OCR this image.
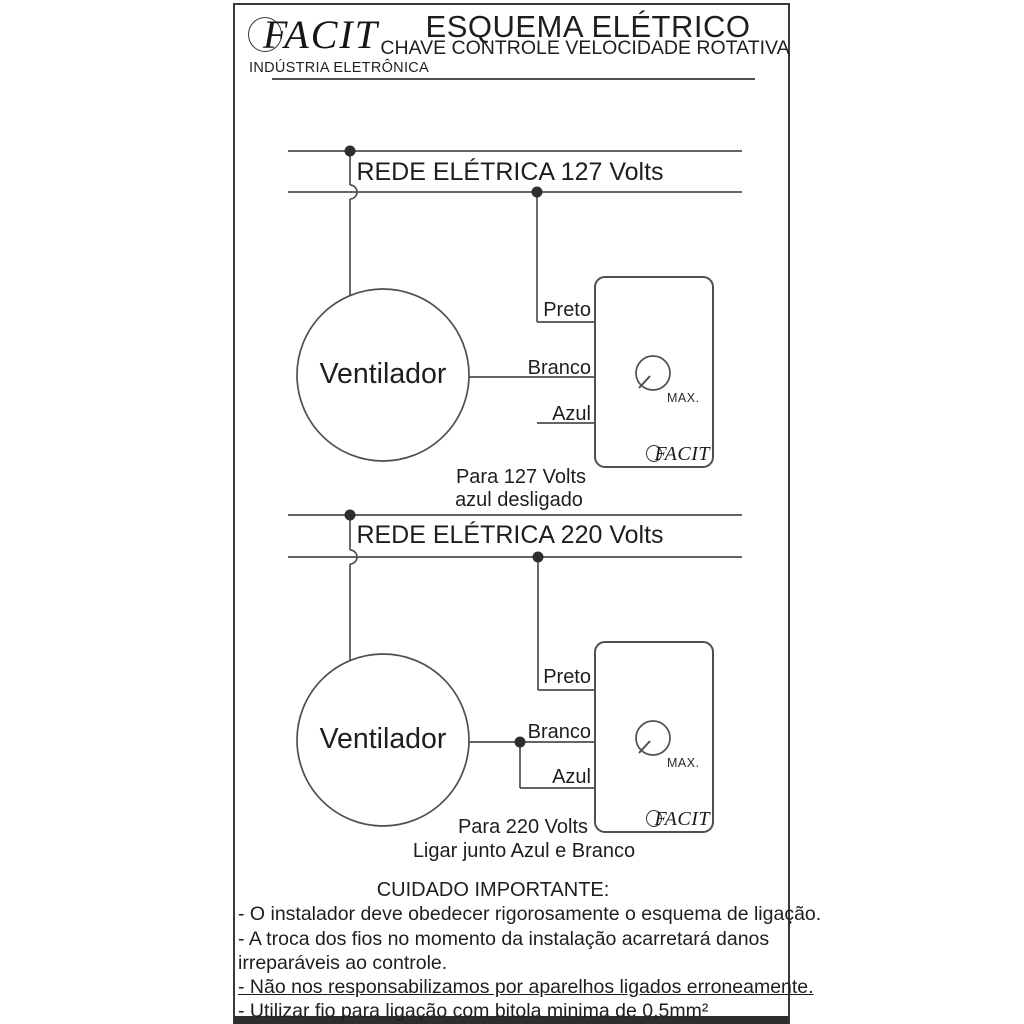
FACIT
INDÚSTRIA ELETRÔNICA
ESQUEMA ELÉTRICO
CHAVE CONTROLE VELOCIDADE ROTATIVA
REDE ELÉTRICA 127 Volts
Ventilador
Preto
Branco
Azul
MAX.
FACIT
Para 127 Volts
azul desligado
REDE ELÉTRICA 220 Volts
Ventilador
Preto
Branco
Azul
MAX.
FACIT
Para 220 Volts
Ligar junto Azul e Branco
CUIDADO IMPORTANTE:
- O instalador deve obedecer rigorosamente o esquema de ligação.
- A troca dos fios no momento da instalação acarretará danos
irreparáveis ao controle.
- Não nos responsabilizamos por aparelhos ligados erroneamente.
- Utilizar fio para ligação com bitola minima de 0,5mm²
